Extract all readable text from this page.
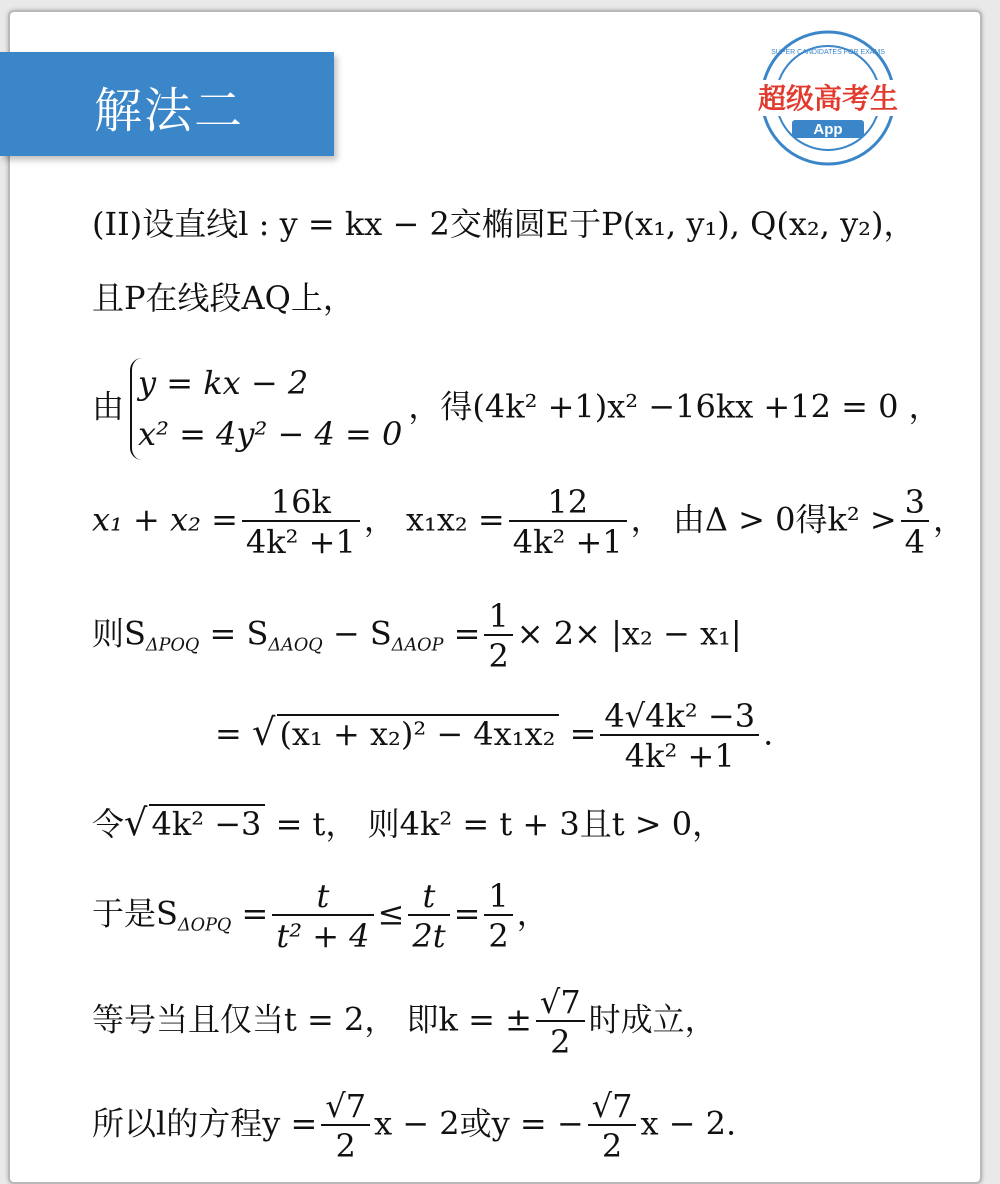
解法二
SUPER CANDIDATES FOR EXAMS
超级高考生
App
(II)设直线l : y = kx − 2交椭圆E于P(x₁, y₁), Q(x₂, y₂)，
且P在线段AQ上，
由
y = kx − 2
x² = 4y² − 4 = 0
，得(4k² +1)x² −16kx +12 = 0 ，
$x_1 + x_2 = \frac{16k}{\text{4k² +1}}$ ， $x_1x_2 = \frac{12}{\text{4k² +1}}$ ， 由Δ > 0得$k^2 > \frac{3}{4}$ ，
则$S_{\Delta POQ} = S_{\Delta AOQ} - S_{\Delta AOP} = \frac{1}{2} \times 2\times |x_2 - x_1|$
= √ $(x_1 + x_2)^2 - 4x_1x_2 = \frac{\text{4√4k² −3}}{\text{4k² +1}}$ .
令√ 4k² −3 = t， 则4k² = t + 3且t > 0，
于是$S_{\Delta OPQ} = \frac{t}{\text{t² + 4}} \le \frac{t}{2t} = \frac{1}{2}$ ，
等号当且仅当t = 2， 即k = ± $\frac{√7}{2}$ 时成立，
所以l的方程$y = \frac{√7}{2}$ x − 2或y = − $\frac{√7}{2}$ x − 2.
